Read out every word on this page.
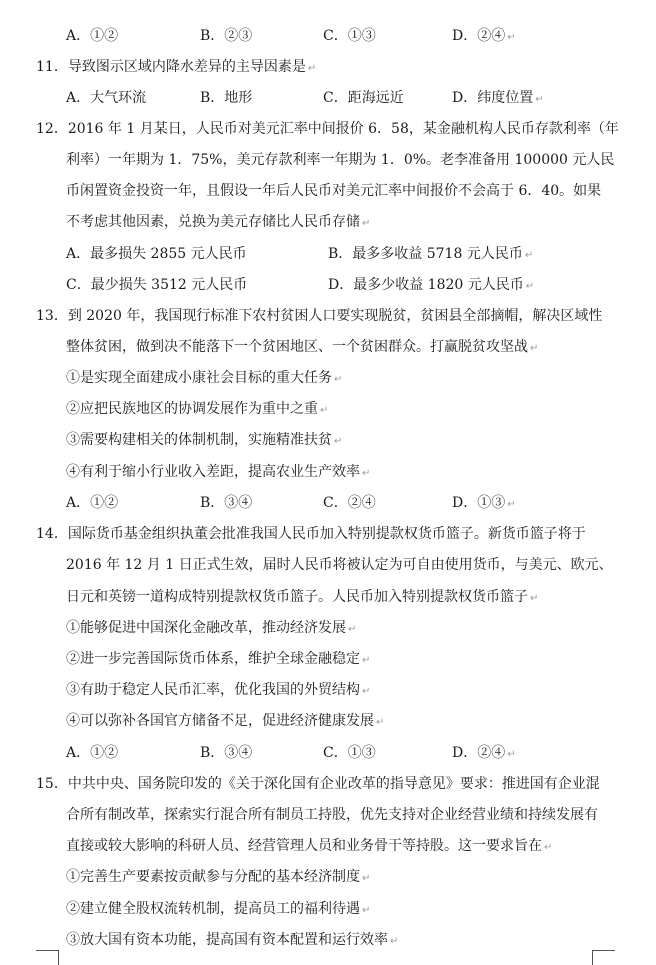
A．①②	B．②③	C．①③	D．②④ ↵
11．导致图示区域内降水差异的主导因素是 ↵
A．大气环流	B．地形	C．距海远近	D．纬度位置 ↵
12．2016 年 1 月某日，人民币对美元汇率中间报价 6．58，某金融机构人民币存款利率（年
利率）一年期为 1．75%，美元存款利率一年期为 1．0%。老李准备用 100000 元人民
币闲置资金投资一年，且假设一年后人民币对美元汇率中间报价不会高于 6．40。如果
不考虑其他因素，兑换为美元存储比人民币存储 ↵
A．最多损失 2855 元人民币	B．最多多收益 5718 元人民币 ↵
C．最少损失 3512 元人民币	D．最多少收益 1820 元人民币 ↵
13．到 2020 年，我国现行标准下农村贫困人口要实现脱贫，贫困县全部摘帽，解决区域性
整体贫困，做到决不能落下一个贫困地区、一个贫困群众。打赢脱贫攻坚战 ↵
①是实现全面建成小康社会目标的重大任务 ↵
②应把民族地区的协调发展作为重中之重 ↵
③需要构建相关的体制机制，实施精准扶贫 ↵
④有利于缩小行业收入差距，提高农业生产效率 ↵
A．①②	B．③④	C．②④	D．①③ ↵
14．国际货币基金组织执董会批准我国人民币加入特别提款权货币篮子。新货币篮子将于
2016 年 12 月 1 日正式生效，届时人民币将被认定为可自由使用货币，与美元、欧元、
日元和英镑一道构成特别提款权货币篮子。人民币加入特别提款权货币篮子 ↵
①能够促进中国深化金融改革，推动经济发展 ↵
②进一步完善国际货币体系，维护全球金融稳定 ↵
③有助于稳定人民币汇率，优化我国的外贸结构 ↵
④可以弥补各国官方储备不足，促进经济健康发展 ↵
A．①②	B．③④	C．①③	D．②④ ↵
15．中共中央、国务院印发的《关于深化国有企业改革的指导意见》要求：推进国有企业混
合所有制改革，探索实行混合所有制员工持股，优先支持对企业经营业绩和持续发展有
直接或较大影响的科研人员、经营管理人员和业务骨干等持股。这一要求旨在 ↵
①完善生产要素按贡献参与分配的基本经济制度 ↵
②建立健全股权流转机制，提高员工的福利待遇 ↵
③放大国有资本功能，提高国有资本配置和运行效率 ↵
